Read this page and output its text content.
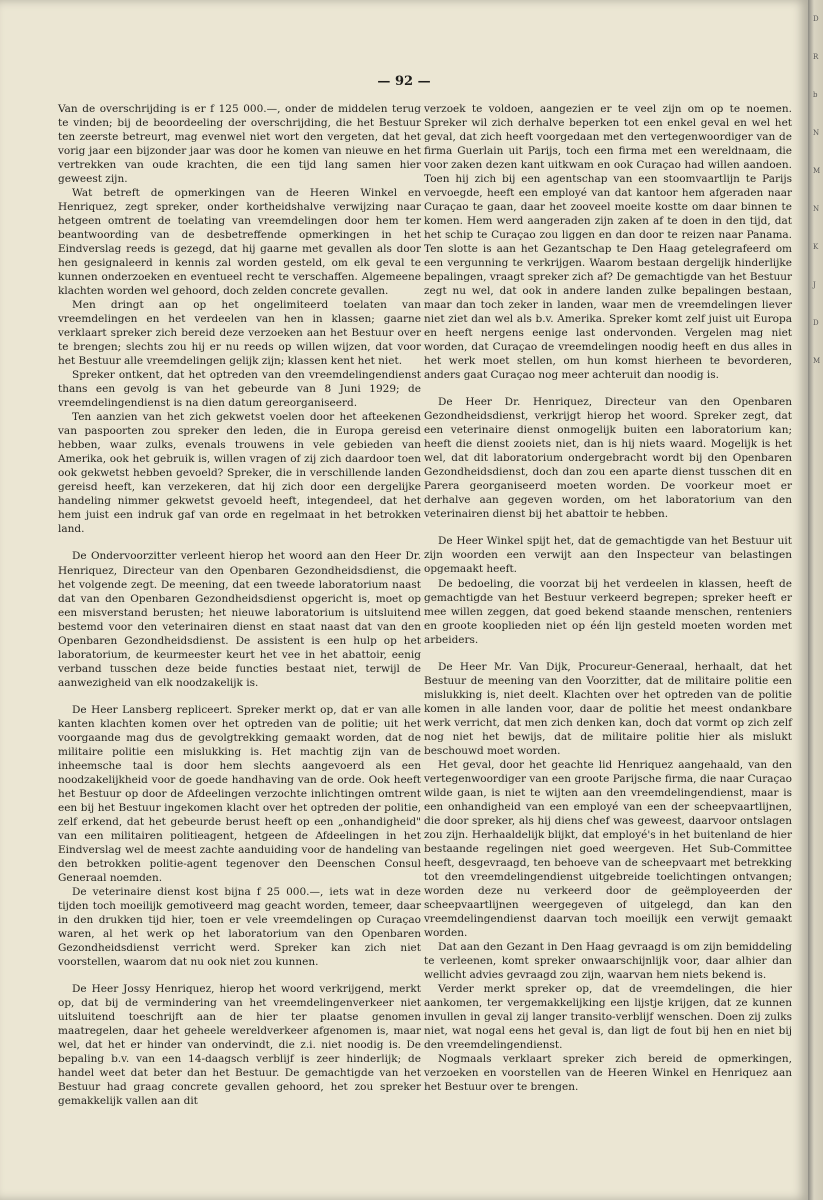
— 92 —

Van de overschrijding is er f 125 000.—, onder de middelen terug te vinden; bij de beoordeeling der overschrijding, die het Bestuur ten zeerste betreurt, mag evenwel niet wort den vergeten, dat het vorig jaar een bijzonder jaar was door he komen van nieuwe en het vertrekken van oude krachten, die een tijd lang samen hier geweest zijn.

Wat betreft de opmerkingen van de Heeren Winkel en Henriquez, zegt spreker, onder kortheidshalve verwijzing naar hetgeen omtrent de toelating van vreemdelingen door hem ter beantwoording van de desbetreffende opmerkingen in het Eindverslag reeds is gezegd, dat hij gaarne met gevallen als door hen gesignaleerd in kennis zal worden gesteld, om elk geval te kunnen onderzoeken en eventueel recht te verschaffen. Algemeene klachten worden wel gehoord, doch zelden concrete gevallen.

Men dringt aan op het ongelimiteerd toelaten van vreemdelingen en het verdeelen van hen in klassen; gaarne verklaart spreker zich bereid deze verzoeken aan het Bestuur over te brengen; slechts zou hij er nu reeds op willen wijzen, dat voor het Bestuur alle vreemdelingen gelijk zijn; klassen kent het niet.

Spreker ontkent, dat het optreden van den vreemdelingendienst thans een gevolg is van het gebeurde van 8 Juni 1929; de vreemdelingendienst is na dien datum gereorganiseerd.

Ten aanzien van het zich gekwetst voelen door het afteekenen van paspoorten zou spreker den leden, die in Europa gereisd hebben, waar zulks, evenals trouwens in vele gebieden van Amerika, ook het gebruik is, willen vragen of zij zich daardoor toen ook gekwetst hebben gevoeld? Spreker, die in verschillende landen gereisd heeft, kan verzekeren, dat hij zich door een dergelijke handeling nimmer gekwetst gevoeld heeft, integendeel, dat het hem juist een indruk gaf van orde en regelmaat in het betrokken land.

De Ondervoorzitter verleent hierop het woord aan den Heer Dr. Henriquez, Directeur van den Openbaren Gezondheidsdienst, die het volgende zegt. De meening, dat een tweede laboratorium naast dat van den Openbaren Gezondheidsdienst opgericht is, moet op een misverstand berusten; het nieuwe laboratorium is uitsluitend bestemd voor den veterinairen dienst en staat naast dat van den Openbaren Gezondheidsdienst. De assistent is een hulp op het laboratorium, de keurmeester keurt het vee in het abattoir, eenig verband tusschen deze beide functies bestaat niet, terwijl de aanwezigheid van elk noodzakelijk is.

De Heer Lansberg repliceert. Spreker merkt op, dat er van alle kanten klachten komen over het optreden van de politie; uit het voorgaande mag dus de gevolgtrekking gemaakt worden, dat de militaire politie een mislukking is. Het machtig zijn van de inheemsche taal is door hem slechts aangevoerd als een noodzakelijkheid voor de goede handhaving van de orde. Ook heeft het Bestuur op door de Afdeelingen verzochte inlichtingen omtrent een bij het Bestuur ingekomen klacht over het optreden der politie, zelf erkend, dat het gebeurde berust heeft op een „onhandigheid" van een militairen politieagent, hetgeen de Afdeelingen in het Eindverslag wel de meest zachte aanduiding voor de handeling van den betrokken politie-agent tegenover den Deenschen Consul Generaal noemden.

De veterinaire dienst kost bijna f 25 000.—, iets wat in deze tijden toch moeilijk gemotiveerd mag geacht worden, temeer, daar in den drukken tijd hier, toen er vele vreemdelingen op Curaçao waren, al het werk op het laboratorium van den Openbaren Gezondheidsdienst verricht werd. Spreker kan zich niet voorstellen, waarom dat nu ook niet zou kunnen.

De Heer Jossy Henriquez, hierop het woord verkrijgend, merkt op, dat bij de vermindering van het vreemdelingenverkeer niet uitsluitend toeschrijft aan de hier ter plaatse genomen maatregelen, daar het geheele wereldverkeer afgenomen is, maar wel, dat het er hinder van ondervindt, die z.i. niet noodig is. De bepaling b.v. van een 14-daagsch verblijf is zeer hinderlijk; de handel weet dat beter dan het Bestuur. De gemachtigde van het Bestuur had graag concrete gevallen gehoord, het zou spreker gemakkelijk vallen aan dit

verzoek te voldoen, aangezien er te veel zijn om op te noemen. Spreker wil zich derhalve beperken tot een enkel geval en wel het geval, dat zich heeft voorgedaan met den vertegenwoordiger van de firma Guerlain uit Parijs, toch een firma met een wereldnaam, die voor zaken dezen kant uitkwam en ook Curaçao had willen aandoen. Toen hij zich bij een agentschap van een stoomvaartlijn te Parijs vervoegde, heeft een employé van dat kantoor hem afgeraden naar Curaçao te gaan, daar het zooveel moeite kostte om daar binnen te komen. Hem werd aangeraden zijn zaken af te doen in den tijd, dat het schip te Curaçao zou liggen en dan door te reizen naar Panama. Ten slotte is aan het Gezantschap te Den Haag getelegrafeerd om een vergunning te verkrijgen. Waarom bestaan dergelijk hinderlijke bepalingen, vraagt spreker zich af? De gemachtigde van het Bestuur zegt nu wel, dat ook in andere landen zulke bepalingen bestaan, maar dan toch zeker in landen, waar men de vreemdelingen liever niet ziet dan wel als b.v. Amerika. Spreker komt zelf juist uit Europa en heeft nergens eenige last ondervonden. Vergelen mag niet worden, dat Curaçao de vreemdelingen noodig heeft en dus alles in het werk moet stellen, om hun komst hierheen te bevorderen, anders gaat Curaçao nog meer achteruit dan noodig is.

De Heer Dr. Henriquez, Directeur van den Openbaren Gezondheidsdienst, verkrijgt hierop het woord. Spreker zegt, dat een veterinaire dienst onmogelijk buiten een laboratorium kan; heeft die dienst zooiets niet, dan is hij niets waard. Mogelijk is het wel, dat dit laboratorium ondergebracht wordt bij den Openbaren Gezondheidsdienst, doch dan zou een aparte dienst tusschen dit en Parera georganiseerd moeten worden. De voorkeur moet er derhalve aan gegeven worden, om het laboratorium van den veterinairen dienst bij het abattoir te hebben.

De Heer Winkel spijt het, dat de gemachtigde van het Bestuur uit zijn woorden een verwijt aan den Inspecteur van belastingen opgemaakt heeft.

De bedoeling, die voorzat bij het verdeelen in klassen, heeft de gemachtigde van het Bestuur verkeerd begrepen; spreker heeft er mee willen zeggen, dat goed bekend staande menschen, renteniers en groote kooplieden niet op één lijn gesteld moeten worden met arbeiders.

De Heer Mr. Van Dijk, Procureur-Generaal, herhaalt, dat het Bestuur de meening van den Voorzitter, dat de militaire politie een mislukking is, niet deelt. Klachten over het optreden van de politie komen in alle landen voor, daar de politie het meest ondankbare werk verricht, dat men zich denken kan, doch dat vormt op zich zelf nog niet het bewijs, dat de militaire politie hier als mislukt beschouwd moet worden.

Het geval, door het geachte lid Henriquez aangehaald, van den vertegenwoordiger van een groote Parijsche firma, die naar Curaçao wilde gaan, is niet te wijten aan den vreemdelingendienst, maar is een onhandigheid van een employé van een der scheepvaartlijnen, die door spreker, als hij diens chef was geweest, daarvoor ontslagen zou zijn. Herhaaldelijk blijkt, dat employé's in het buitenland de hier bestaande regelingen niet goed weergeven. Het Sub-Committee heeft, desgevraagd, ten behoeve van de scheepvaart met betrekking tot den vreemdelingendienst uitgebreide toelichtingen ontvangen; worden deze nu verkeerd door de geëmployeerden der scheepvaartlijnen weergegeven of uitgelegd, dan kan den vreemdelingendienst daarvan toch moeilijk een verwijt gemaakt worden.

Dat aan den Gezant in Den Haag gevraagd is om zijn bemiddeling te verleenen, komt spreker onwaarschijnlijk voor, daar alhier dan wellicht advies gevraagd zou zijn, waarvan hem niets bekend is.

Verder merkt spreker op, dat de vreemdelingen, die hier aankomen, ter vergemakkelijking een lijstje krijgen, dat ze kunnen invullen in geval zij langer transito-verblijf wenschen. Doen zij zulks niet, wat nogal eens het geval is, dan ligt de fout bij hen en niet bij den vreemdelingendienst.

Nogmaals verklaart spreker zich bereid de opmerkingen, verzoeken en voorstellen van de Heeren Winkel en Henriquez aan het Bestuur over te brengen.

D
R
b
N
M
N
K
J
D
M
